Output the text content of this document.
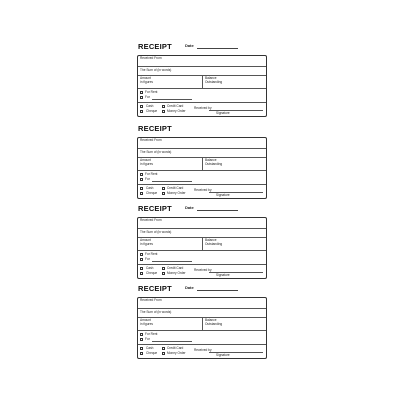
RECEIPT	Date
Received From
The Sum of (in words)
Amount
in figures
Balance
Outstanding
For Rent
For
Cash
Cheque
Credit Card
Money Order
Received by
Signature
RECEIPT
Received From
The Sum of (in words)
Amount
in figures
Balance
Outstanding
For Rent
For
Cash
Cheque
Credit Card
Money Order
Received by
Signature
RECEIPT	Date
Received From
The Sum of (in words)
Amount
in figures
Balance
Outstanding
For Rent
For
Cash
Cheque
Credit Card
Money Order
Received by
Signature
RECEIPT	Date
Received From
The Sum of (in words)
Amount
in figures
Balance
Outstanding
For Rent
For
Cash
Cheque
Credit Card
Money Order
Received by
Signature
